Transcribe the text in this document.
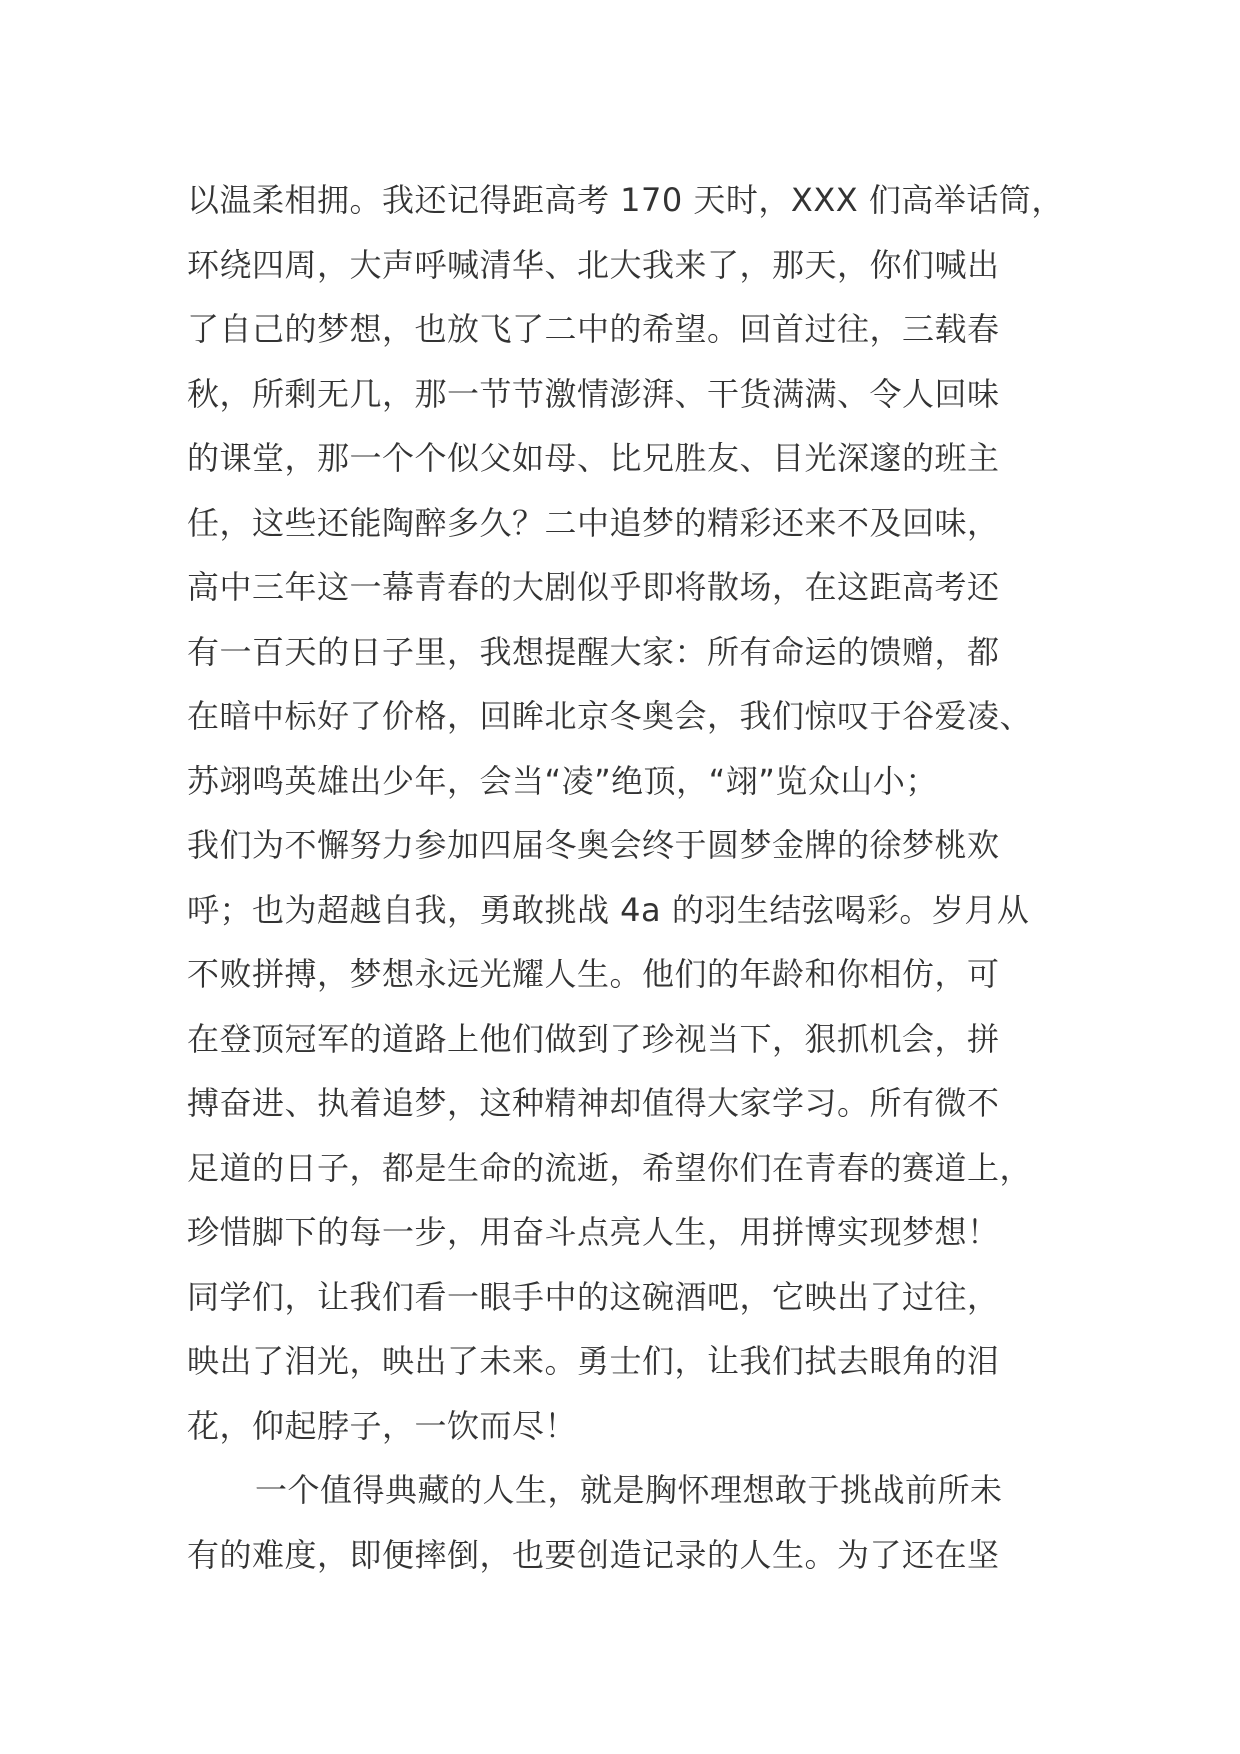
以温柔相拥。我还记得距高考 170 天时，XXX 们高举话筒，
环绕四周，大声呼喊清华、北大我来了，那天，你们喊出
了自己的梦想，也放飞了二中的希望。回首过往，三载春
秋，所剩无几，那一节节激情澎湃、干货满满、令人回味
的课堂，那一个个似父如母、比兄胜友、目光深邃的班主
任，这些还能陶醉多久？二中追梦的精彩还来不及回味，
高中三年这一幕青春的大剧似乎即将散场，在这距高考还
有一百天的日子里，我想提醒大家：所有命运的馈赠，都
在暗中标好了价格，回眸北京冬奥会，我们惊叹于谷爱凌、
苏翊鸣英雄出少年，会当“凌”绝顶，“翊”览众山小；
我们为不懈努力参加四届冬奥会终于圆梦金牌的徐梦桃欢
呼；也为超越自我，勇敢挑战 4a 的羽生结弦喝彩。岁月从
不败拼搏，梦想永远光耀人生。他们的年龄和你相仿，可
在登顶冠军的道路上他们做到了珍视当下，狠抓机会，拼
搏奋进、执着追梦，这种精神却值得大家学习。所有微不
足道的日子，都是生命的流逝，希望你们在青春的赛道上，
珍惜脚下的每一步，用奋斗点亮人生，用拼博实现梦想！
同学们，让我们看一眼手中的这碗酒吧，它映出了过往，
映出了泪光，映出了未来。勇士们，让我们拭去眼角的泪
花，仰起脖子，一饮而尽！
一个值得典藏的人生，就是胸怀理想敢于挑战前所未
有的难度，即便摔倒，也要创造记录的人生。为了还在坚
